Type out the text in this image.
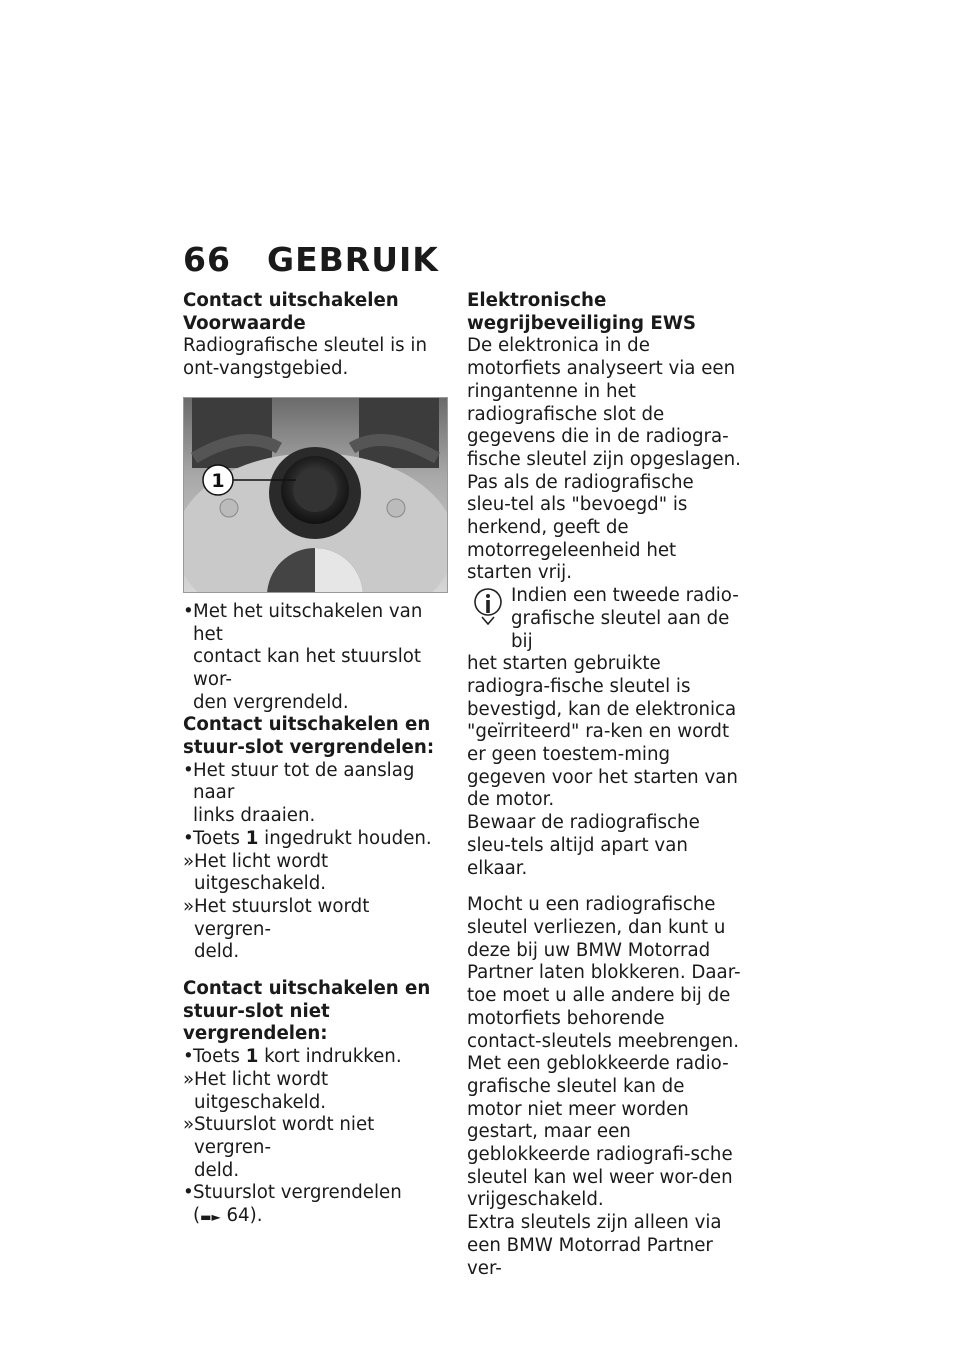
66 GEBRUIK

Contact uitschakelen

Voorwaarde

Radiografische sleutel is in ont-vangstgebied.

1
• Met het uitschakelen van het
contact kan het stuurslot wor-
den vergrendeld.

Contact uitschakelen en stuur-slot vergrendelen:

• Het stuur tot de aanslag naar
links draaien.
• Toets 1 ingedrukt houden.
» Het licht wordt uitgeschakeld.
» Het stuurslot wordt vergren-
deld.

Contact uitschakelen en stuur-slot niet vergrendelen:

• Toets 1 kort indrukken.
» Het licht wordt uitgeschakeld.
» Stuurslot wordt niet vergren-
deld.
• Stuurslot vergrendelen
(▬► 64).

Elektronische

wegrijbeveiliging EWS

De elektronica in de motorfiets analyseert via een ringantenne in het radiografische slot de gegevens die in de radiogra-fische sleutel zijn opgeslagen. Pas als de radiografische sleu-tel als "bevoegd" is herkend, geeft de motorregeleenheid het starten vrij.

Indien een tweede radio-

grafische sleutel aan de bij

het starten gebruikte radiogra-fische sleutel is bevestigd, kan de elektronica "geïrriteerd" ra-ken en wordt er geen toestem-ming gegeven voor het starten van de motor.

Bewaar de radiografische sleu-tels altijd apart van elkaar.

Mocht u een radiografische sleutel verliezen, dan kunt u deze bij uw BMW Motorrad Partner laten blokkeren. Daar-toe moet u alle andere bij de motorfiets behorende contact-sleutels meebrengen.

Met een geblokkeerde radio-grafische sleutel kan de motor niet meer worden gestart, maar een geblokkeerde radiografi-sche sleutel kan wel weer wor-den vrijgeschakeld.

Extra sleutels zijn alleen via een BMW Motorrad Partner ver-
